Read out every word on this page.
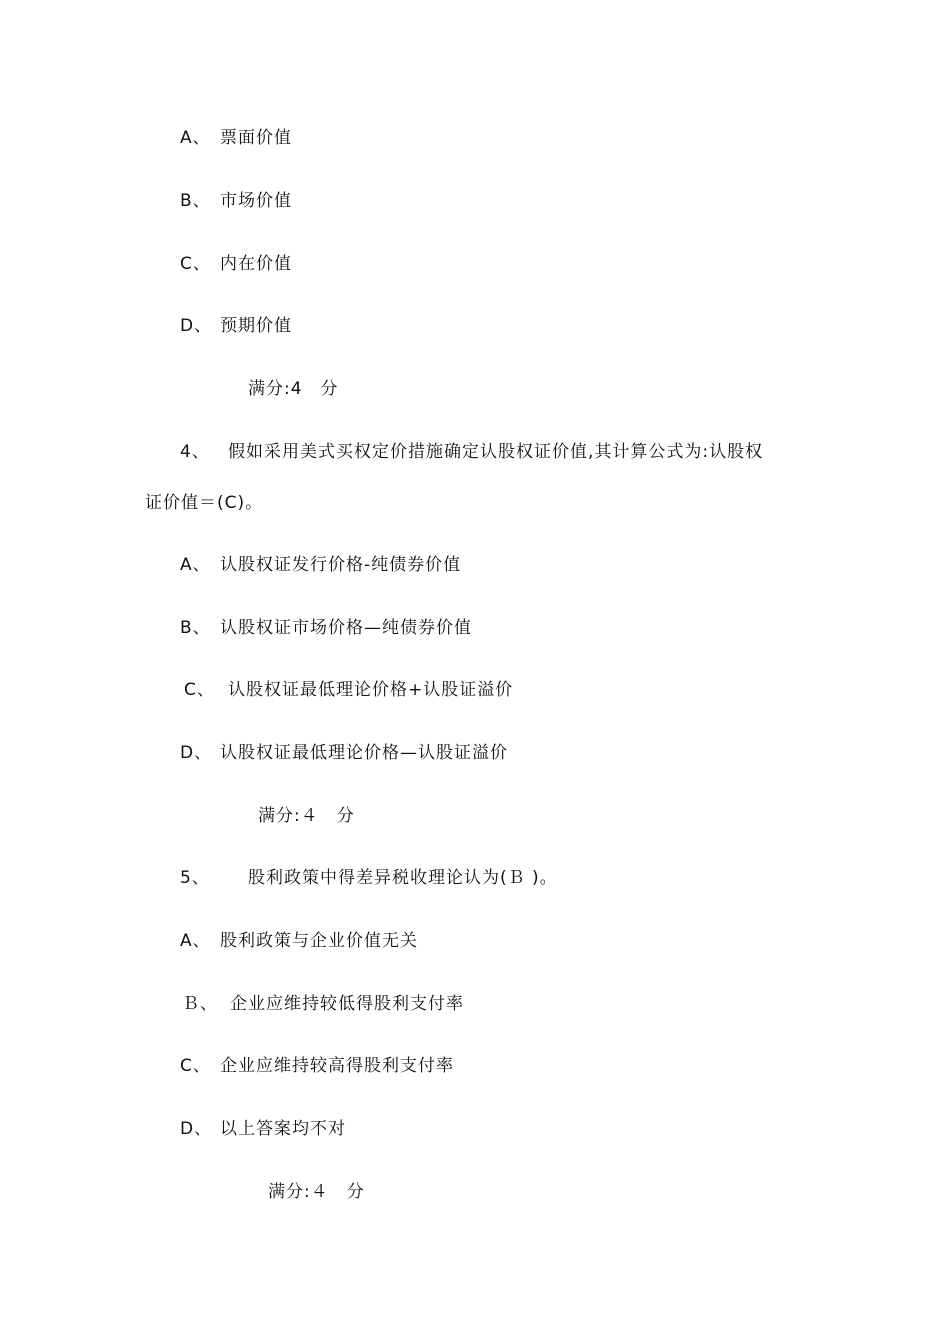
A、 票面价值
B、 市场价值
C、 内在价值
D、 预期价值
满分:4　分
4、 假如采用美式买权定价措施确定认股权证价值,其计算公式为:认股权
证价值＝(C)。
A、 认股权证发行价格-纯债券价值
B、 认股权证市场价格—纯债券价值
C、 认股权证最低理论价格+认股证溢价
D、 认股权证最低理论价格—认股证溢价
满分:４　分
5、 股利政策中得差异税收理论认为(Ｂ )。
A、 股利政策与企业价值无关
Ｂ、 企业应维持较低得股利支付率
C、 企业应维持较高得股利支付率
D、 以上答案均不对
满分:４　分
